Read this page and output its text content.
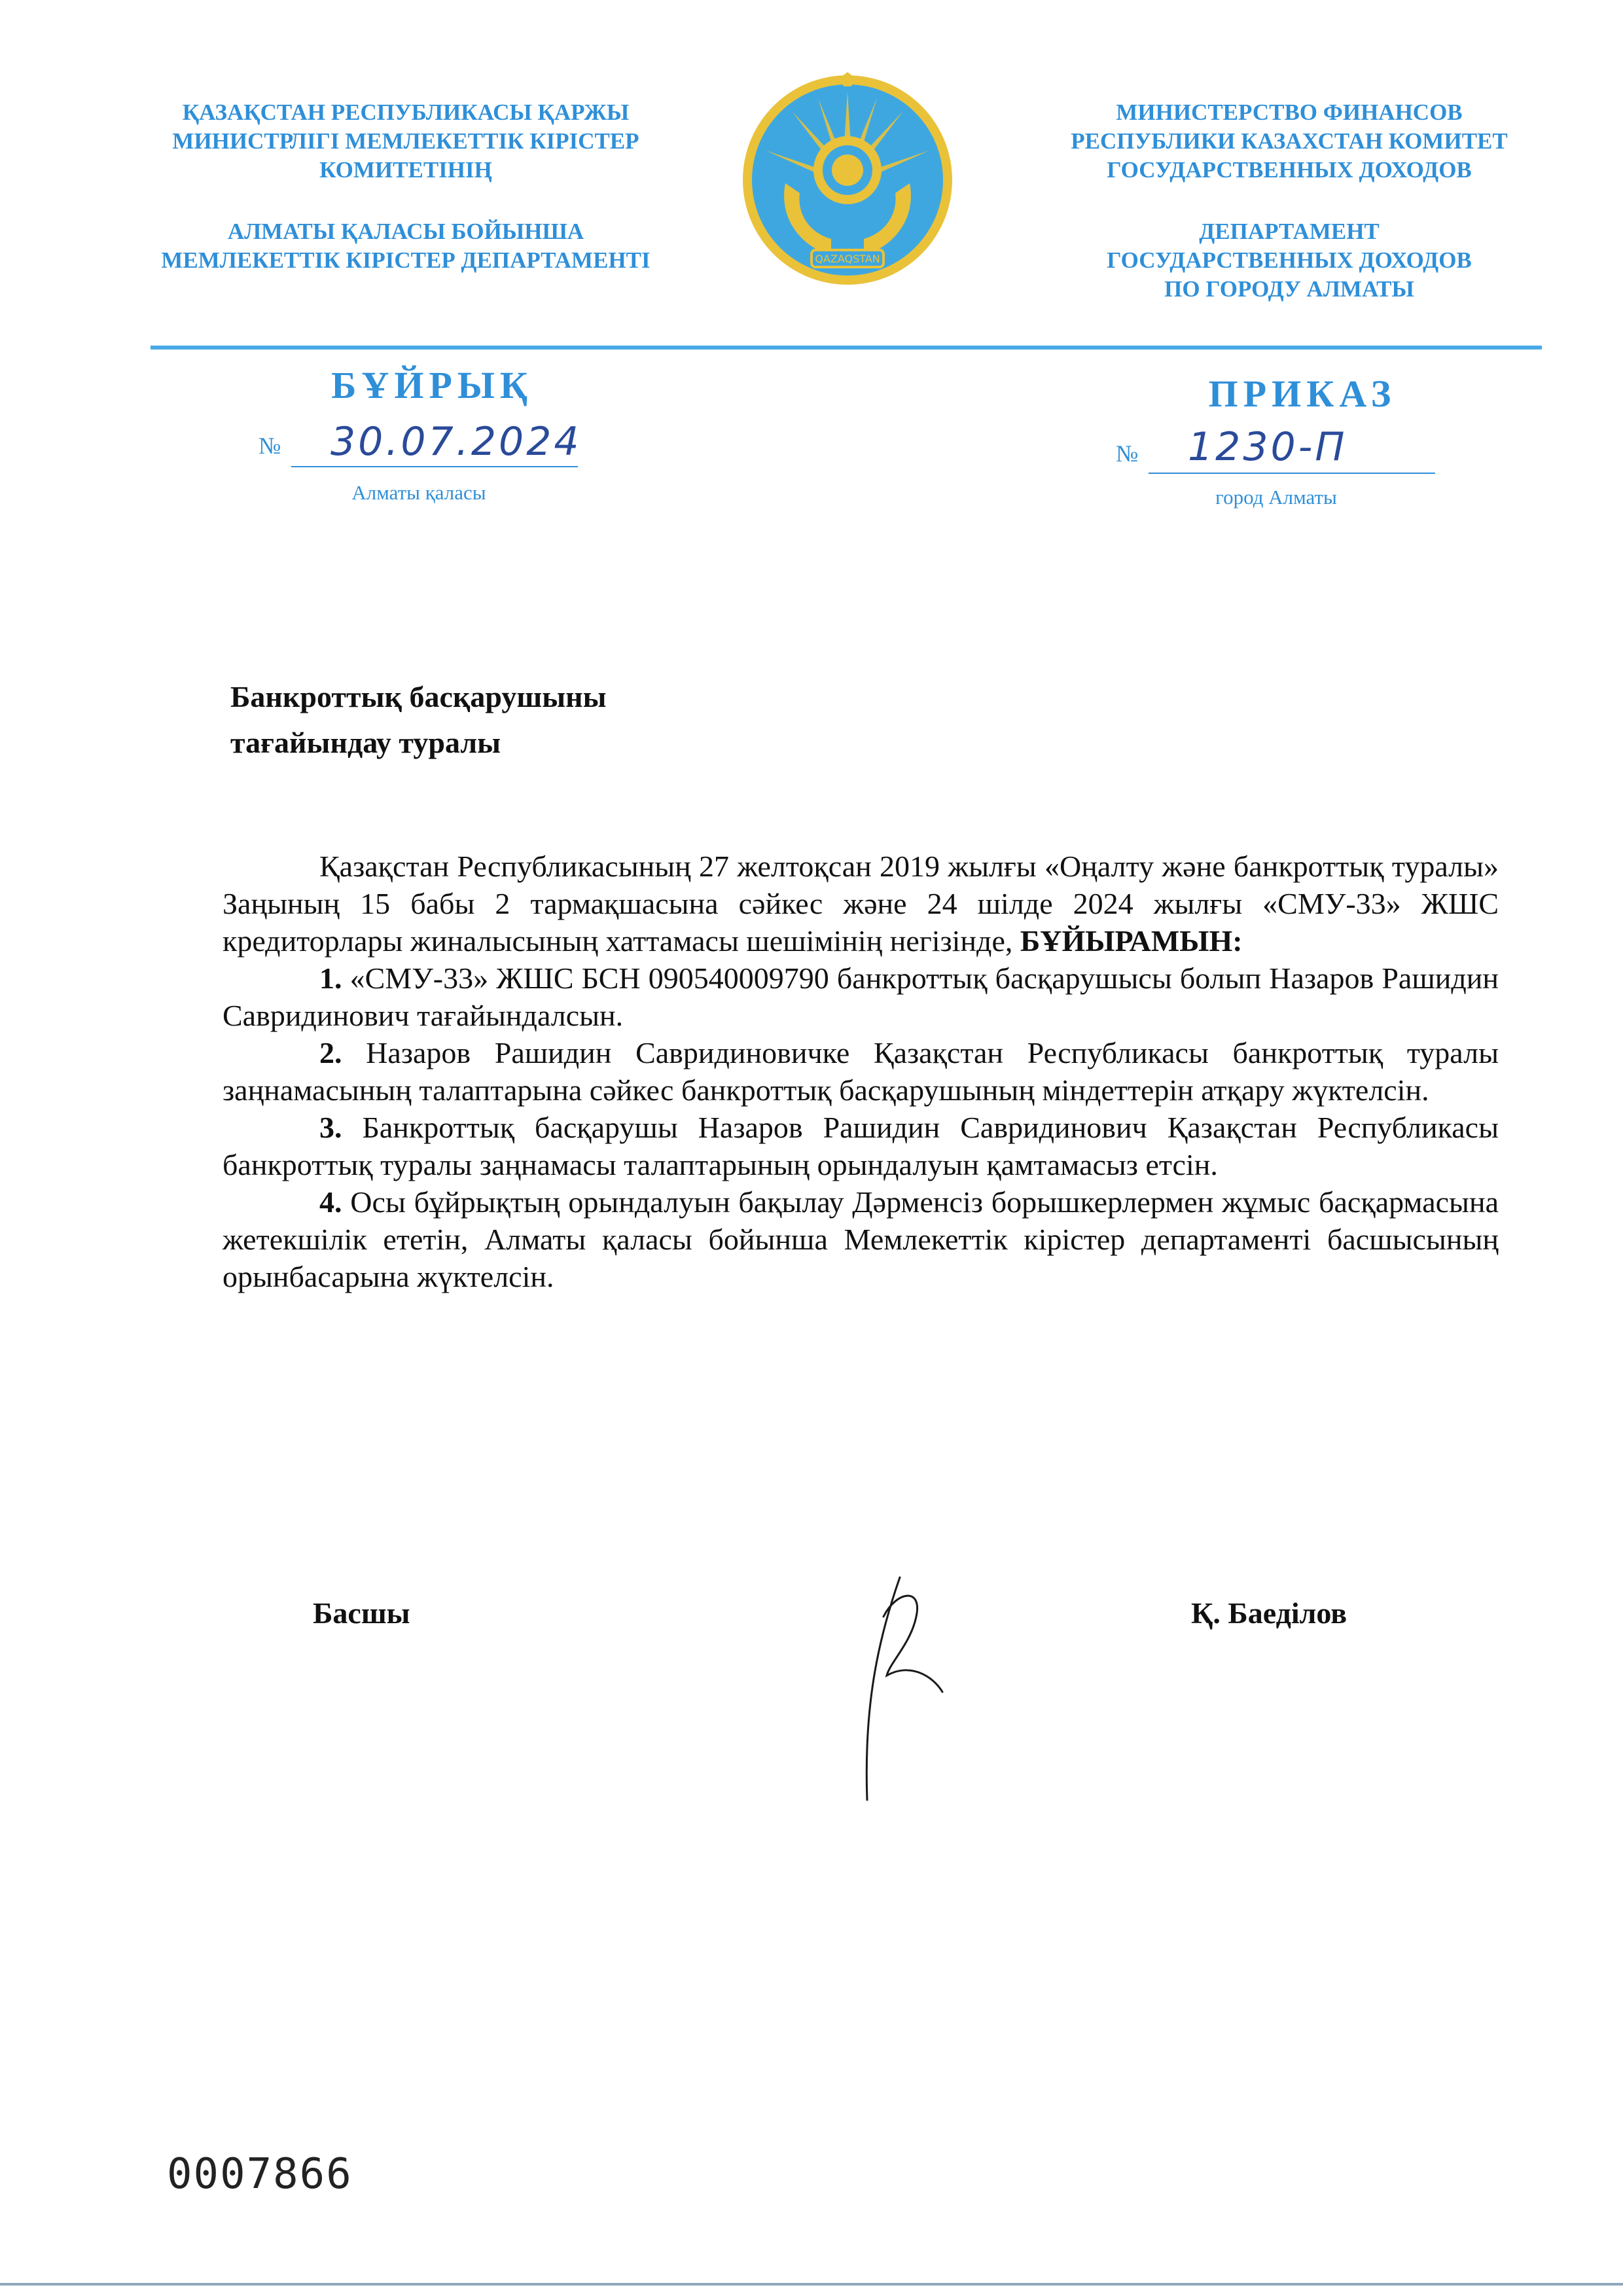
ҚАЗАҚСТАН РЕСПУБЛИКАСЫ ҚАРЖЫ

МИНИСТРЛІГІ МЕМЛЕКЕТТІК КІРІСТЕР

КОМИТЕТІНІҢ

АЛМАТЫ ҚАЛАСЫ БОЙЫНША

МЕМЛЕКЕТТІК КІРІСТЕР ДЕПАРТАМЕНТІ	QAZAQSTAN

МИНИСТЕРСТВО ФИНАНСОВ

РЕСПУБЛИКИ КАЗАХСТАН КОМИТЕТ

ГОСУДАРСТВЕННЫХ ДОХОДОВ

ДЕПАРТАМЕНТ

ГОСУДАРСТВЕННЫХ ДОХОДОВ

ПО ГОРОДУ АЛМАТЫ

БҰЙРЫҚ	ПРИКАЗ
№ 30.07.2024
Алматы қаласы
№ 1230-П
город Алматы

Банкроттық басқарушыны

тағайындау туралы

Қазақстан Республикасының 27 желтоқсан 2019 жылғы «Оңалту және банкроттық туралы» Заңының 15 бабы 2 тармақшасына сәйкес және 24 шілде 2024 жылғы «СМУ-33» ЖШС кредиторлары жиналысының хаттамасы шешімінің негізінде, БҰЙЫРАМЫН:

1. «СМУ-33» ЖШС БСН 090540009790 банкроттық басқарушысы болып Назаров Рашидин Савридинович тағайындалсын.

2. Назаров Рашидин Савридиновичке Қазақстан Республикасы банкроттық туралы заңнамасының талаптарына сәйкес банкроттық басқарушының міндеттерін атқару жүктелсін.

3. Банкроттық басқарушы Назаров Рашидин Савридинович Қазақстан Республикасы банкроттық туралы заңнамасы талаптарының орындалуын қамтамасыз етсін.

4. Осы бұйрықтың орындалуын бақылау Дәрменсіз борышкерлермен жұмыс басқармасына жетекшілік ететін, Алматы қаласы бойынша Мемлекеттік кірістер департаменті басшысының орынбасарына жүктелсін.

Басшы	Қ. Баеділов
0007866
